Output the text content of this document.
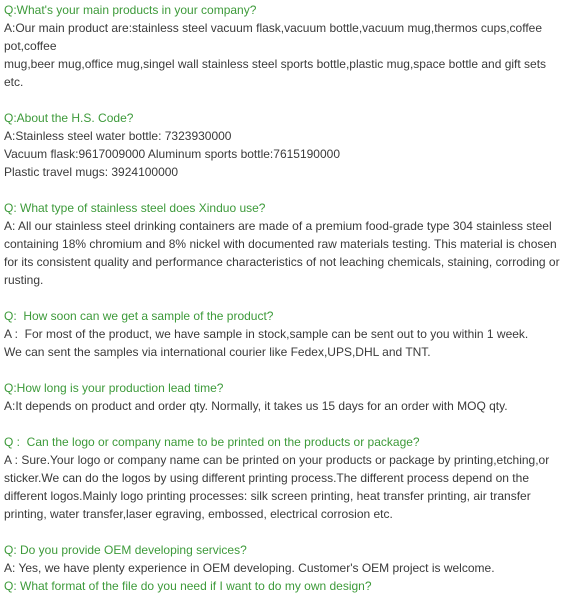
Q:What's your main products in your company?
A:Our main product are:stainless steel vacuum flask,vacuum bottle,vacuum mug,thermos cups,coffee pot,coffee
mug,beer mug,office mug,singel wall stainless steel sports bottle,plastic mug,space bottle and gift sets etc.
Q:About the H.S. Code?
A:Stainless steel water bottle: 7323930000
Vacuum flask:9617009000 Aluminum sports bottle:7615190000
Plastic travel mugs: 3924100000
Q: What type of stainless steel does Xinduo use?
A: All our stainless steel drinking containers are made of a premium food-grade type 304 stainless steel containing 18% chromium and 8% nickel with documented raw materials testing. This material is chosen for its consistent quality and performance characteristics of not leaching chemicals, staining, corroding or rusting.
Q:  How soon can we get a sample of the product?
A :  For most of the product, we have sample in stock,sample can be sent out to you within 1 week.
We can sent the samples via international courier like Fedex,UPS,DHL and TNT.
Q:How long is your production lead time?
A:It depends on product and order qty. Normally, it takes us 15 days for an order with MOQ qty.
Q :  Can the logo or company name to be printed on the products or package?
A : Sure.Your logo or company name can be printed on your products or package by printing,etching,or sticker.We can do the logos by using different printing process.The different process depend on the different logos.Mainly logo printing processes: silk screen printing, heat transfer printing, air transfer printing, water transfer,laser egraving, embossed, electrical corrosion etc.
Q: Do you provide OEM developing services?
A: Yes, we have plenty experience in OEM developing. Customer's OEM project is welcome.
Q: What format of the file do you need if I want to do my own design?
